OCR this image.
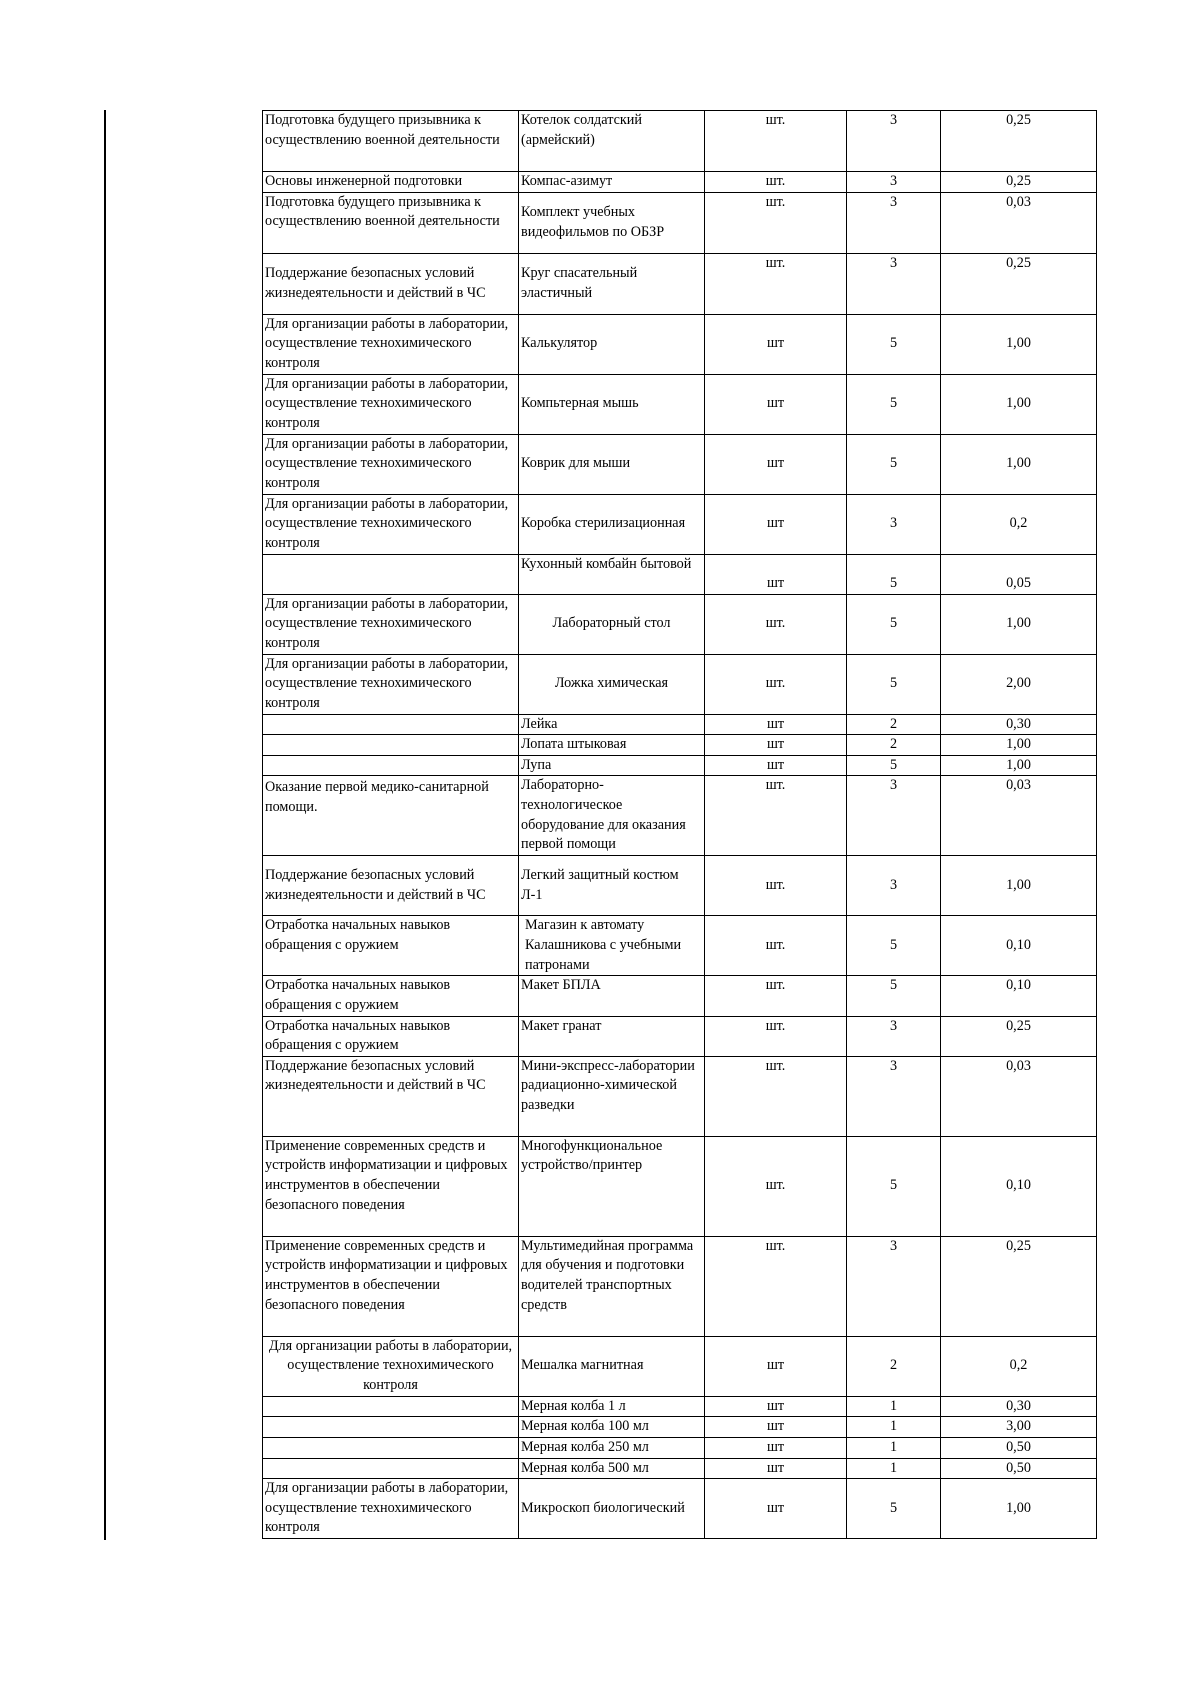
Подготовка будущего призывника к осуществлению военной деятельности	Котелок солдатский (армейский)	шт.	3	0,25
Основы инженерной подготовки	Компас-азимут	шт.	3	0,25
Подготовка будущего призывника к осуществлению военной деятельности	Комплект учебных видеофильмов по ОБЗР	шт.	3	0,03
Поддержание безопасных условий жизнедеятельности и действий в ЧС	Круг спасательный эластичный	шт.	3	0,25
Для организации работы в лаборатории, осуществление технохимического контроля	Калькулятор	шт	5	1,00
Для организации работы в лаборатории, осуществление технохимического контроля	Компьтерная мышь	шт	5	1,00
Для организации работы в лаборатории, осуществление технохимического контроля	Коврик для мыши	шт	5	1,00
Для организации работы в лаборатории, осуществление технохимического контроля	Коробка стерилизационная	шт	3	0,2
	Кухонный комбайн бытовой	шт	5	0,05
Для организации работы в лаборатории, осуществление технохимического контроля	Лабораторный стол	шт.	5	1,00
Для организации работы в лаборатории, осуществление технохимического контроля	Ложка химическая	шт.	5	2,00
	Лейка	шт	2	0,30
	Лопата штыковая	шт	2	1,00
	Лупа	шт	5	1,00
Оказание первой медико-санитарной помощи.	Лабораторно-технологическое оборудование для оказания первой помощи	шт.	3	0,03
Поддержание безопасных условий жизнедеятельности и действий в ЧС	Легкий защитный костюм Л-1	шт.	3	1,00
Отработка начальных навыков обращения с оружием	Магазин к автомату Калашникова с учебными патронами	шт.	5	0,10
Отработка начальных навыков обращения с оружием	Макет БПЛА	шт.	5	0,10
Отработка начальных навыков обращения с оружием	Макет гранат	шт.	3	0,25
Поддержание безопасных условий жизнедеятельности и действий в ЧС	Мини-экспресс-лаборатории радиационно-химической разведки	шт.	3	0,03
Применение современных средств и устройств информатизации и цифровых инструментов в обеспечении безопасного поведения	Многофункциональное устройство/принтер	шт.	5	0,10
Применение современных средств и устройств информатизации и цифровых инструментов в обеспечении безопасного поведения	Мультимедийная программа для обучения и подготовки водителей транспортных средств	шт.	3	0,25
Для организации работы в лаборатории, осуществление технохимического контроля	Мешалка магнитная	шт	2	0,2
	Мерная колба 1 л	шт	1	0,30
	Мерная колба 100 мл	шт	1	3,00
	Мерная колба 250 мл	шт	1	0,50
	Мерная колба 500 мл	шт	1	0,50
Для организации работы в лаборатории, осуществление технохимического контроля	Микроскоп биологический	шт	5	1,00
